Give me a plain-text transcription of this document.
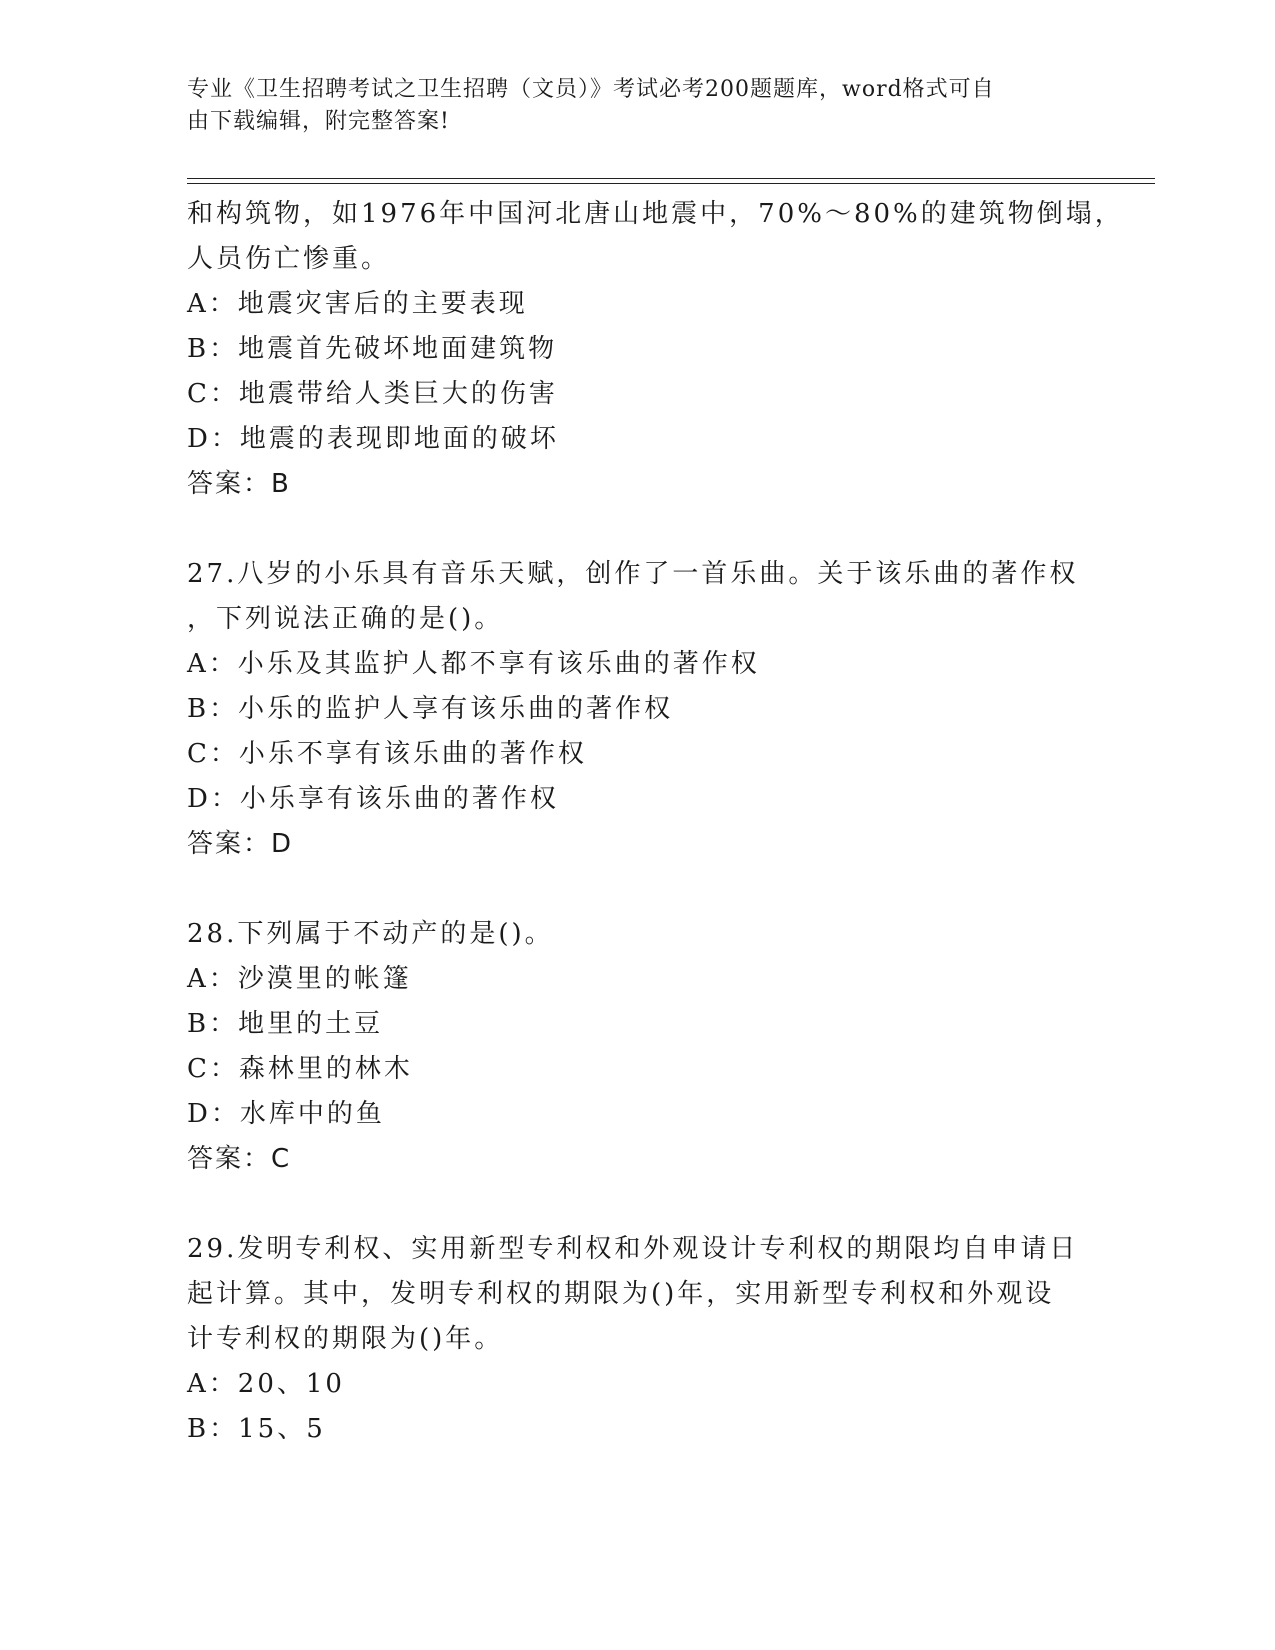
专业《卫生招聘考试之卫生招聘（文员）》考试必考200题题库，word格式可自
由下载编辑，附完整答案!
和构筑物，如1976年中国河北唐山地震中，70%～80%的建筑物倒塌，
人员伤亡惨重。
A：地震灾害后的主要表现
B：地震首先破坏地面建筑物
C：地震带给人类巨大的伤害
D：地震的表现即地面的破坏
答案：B
27.八岁的小乐具有音乐天赋，创作了一首乐曲。关于该乐曲的著作权
，下列说法正确的是()。
A：小乐及其监护人都不享有该乐曲的著作权
B：小乐的监护人享有该乐曲的著作权
C：小乐不享有该乐曲的著作权
D：小乐享有该乐曲的著作权
答案：D
28.下列属于不动产的是()。
A：沙漠里的帐篷
B：地里的土豆
C：森林里的林木
D：水库中的鱼
答案：C
29.发明专利权、实用新型专利权和外观设计专利权的期限均自申请日
起计算。其中，发明专利权的期限为()年，实用新型专利权和外观设
计专利权的期限为()年。
A：20、10
B：15、5
